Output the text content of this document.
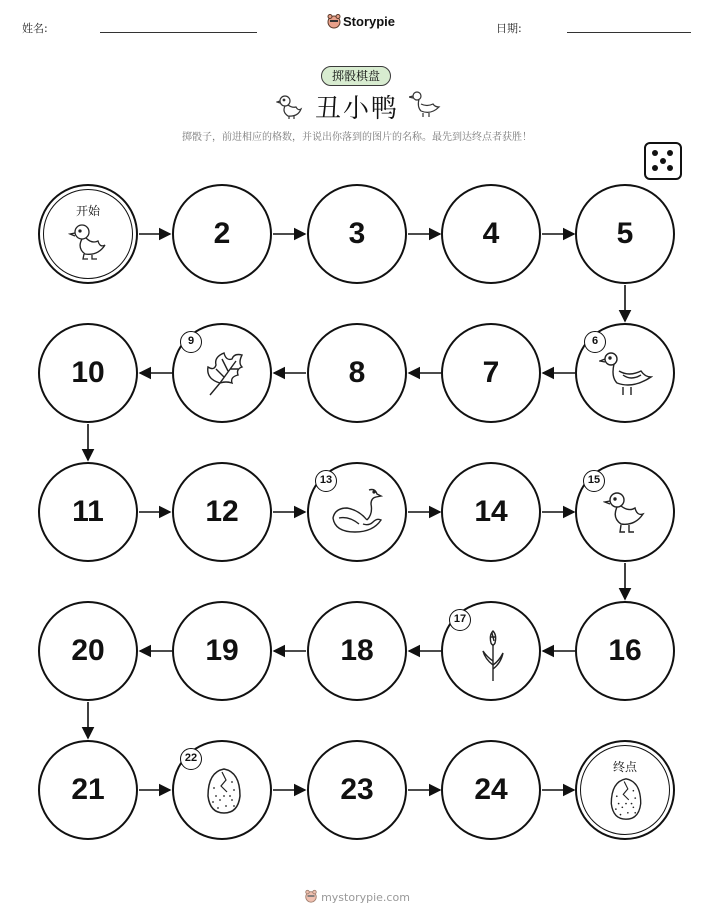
姓名:	Storypie	日期:
掷骰棋盘
丑小鸭
掷骰子，前进相应的格数，并说出你落到的图片的名称。最先到达终点者获胜！
开始
2	3	4	5
6
7
8
9
10
11	12
13
14
15
16
17
18
19
20
21
22
23	24
终点
mystorypie.com
